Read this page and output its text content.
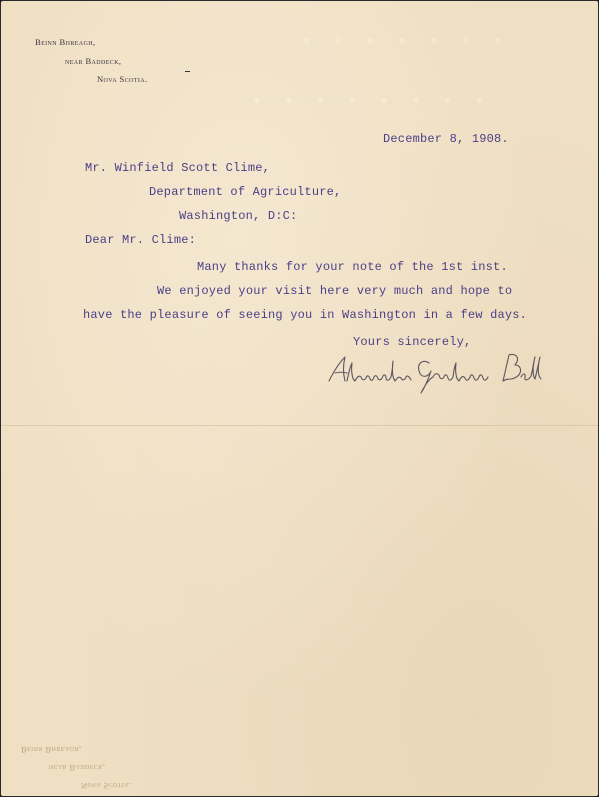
· · · · · · ·
· · · · · · · ·
Beinn Bhreagh,
near Baddeck,
Nova Scotia.
Nova Scotia.
near Baddeck,
Beinn Bhreagh,
December 8, 1908.
Mr. Winfield Scott Clime,
Department of Agriculture,
Washington, D:C:
Dear Mr. Clime:
Many thanks for your note of the 1st inst.
We enjoyed your visit here very much and hope to
have the pleasure of seeing you in Washington in a few days.
Yours sincerely,
